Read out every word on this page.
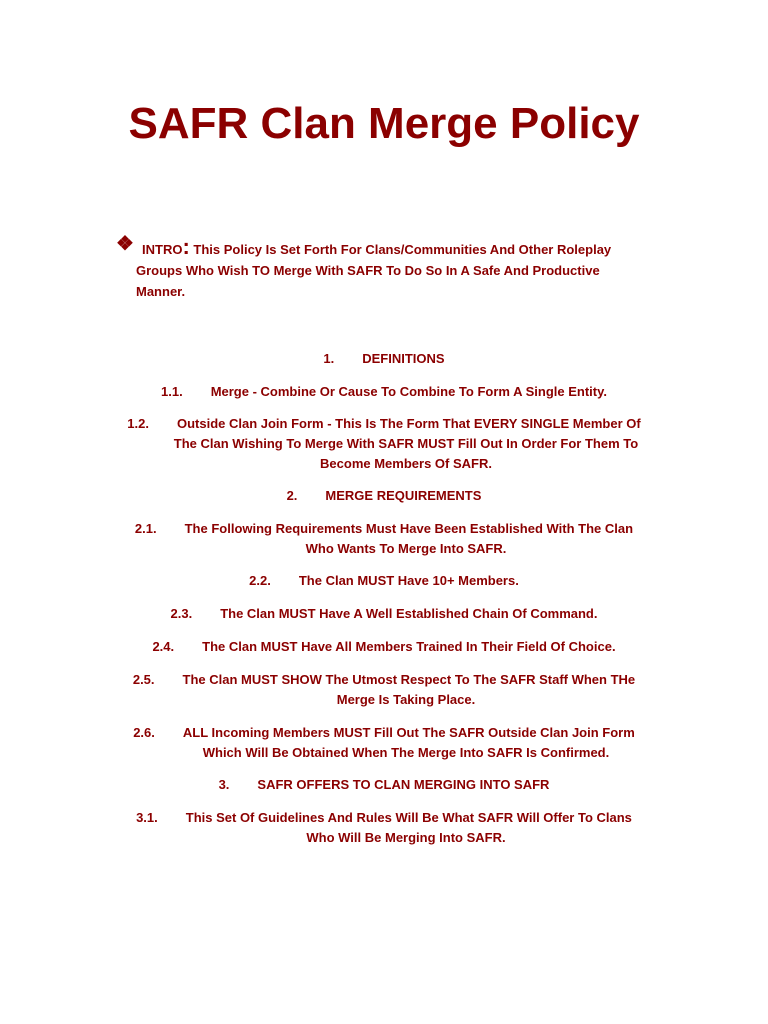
SAFR Clan Merge Policy
❖ INTRO: This Policy Is Set Forth For Clans/Communities And Other Roleplay
Groups Who Wish TO Merge With SAFR To Do So In A Safe And Productive
Manner.
1. DEFINITIONS
1.1. Merge - Combine Or Cause To Combine To Form A Single Entity.
1.2. Outside Clan Join Form - This Is The Form That EVERY SINGLE Member Of
The Clan Wishing To Merge With SAFR MUST Fill Out In Order For Them To
Become Members Of SAFR.
2. MERGE REQUIREMENTS
2.1. The Following Requirements Must Have Been Established With The Clan
Who Wants To Merge Into SAFR.
2.2. The Clan MUST Have 10+ Members.
2.3. The Clan MUST Have A Well Established Chain Of Command.
2.4. The Clan MUST Have All Members Trained In Their Field Of Choice.
2.5. The Clan MUST SHOW The Utmost Respect To The SAFR Staff When THe
Merge Is Taking Place.
2.6. ALL Incoming Members MUST Fill Out The SAFR Outside Clan Join Form
Which Will Be Obtained When The Merge Into SAFR Is Confirmed.
3. SAFR OFFERS TO CLAN MERGING INTO SAFR
3.1. This Set Of Guidelines And Rules Will Be What SAFR Will Offer To Clans
Who Will Be Merging Into SAFR.
